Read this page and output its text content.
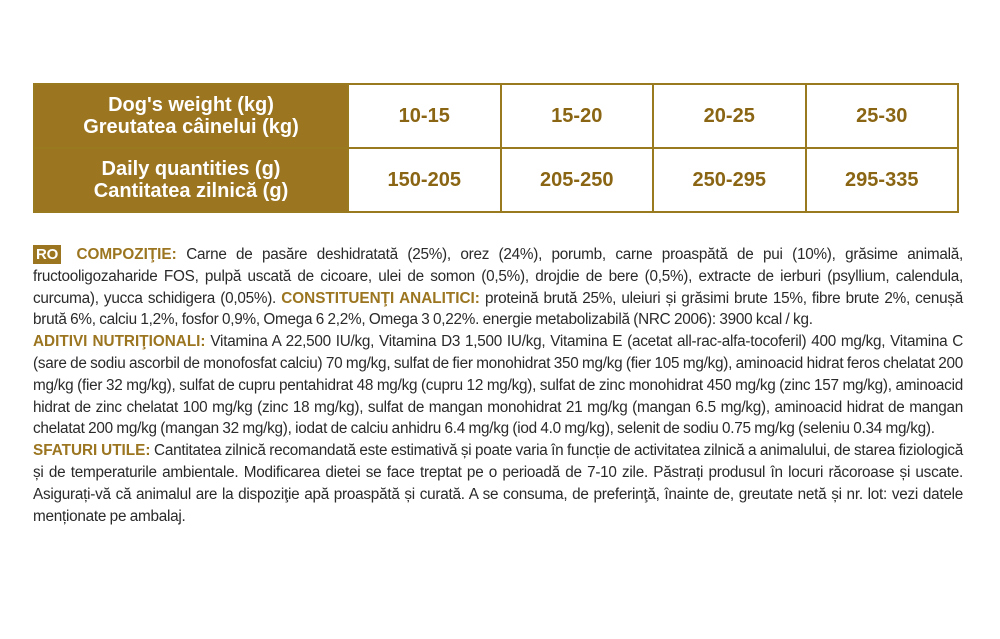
Dog's weight (kg)
Greutatea câinelui (kg)	10-15	15-20	20-25	25-30

Daily quantities (g)
Cantitatea zilnică (g)	150-205	205-250	250-295	295-335

RO COMPOZIŢIE: Carne de pasăre deshidratată (25%), orez (24%), porumb, carne proaspătă de pui (10%), grăsime animală, fructooligozaharide FOS, pulpă uscată de cicoare, ulei de somon (0,5%), drojdie de bere (0,5%), extracte de ierburi (psyllium, calendula, curcuma), yucca schidigera (0,05%). CONSTITUENŢI ANALITICI: proteină brută 25%, uleiuri și grăsimi brute 15%, fibre brute 2%, cenușă brută 6%, calciu 1,2%, fosfor 0,9%, Omega 6 2,2%, Omega 3 0,22%. energie metabolizabilă (NRC 2006): 3900 kcal / kg.

ADITIVI NUTRIŢIONALI: Vitamina A 22,500 IU/kg, Vitamina D3 1,500 IU/kg, Vitamina E (acetat all-rac-alfa-tocoferil) 400 mg/kg, Vitamina C (sare de sodiu ascorbil de monofosfat calciu) 70 mg/kg, sulfat de fier monohidrat 350 mg/kg (fier 105 mg/kg), aminoacid hidrat feros chelatat 200 mg/kg (fier 32 mg/kg), sulfat de cupru pentahidrat 48 mg/kg (cupru 12 mg/kg), sulfat de zinc monohidrat 450 mg/kg (zinc 157 mg/kg), aminoacid hidrat de zinc chelatat 100 mg/kg (zinc 18 mg/kg), sulfat de mangan monohidrat 21 mg/kg (mangan 6.5 mg/kg), aminoacid hidrat de mangan chelatat 200 mg/kg (mangan 32 mg/kg), iodat de calciu anhidru 6.4 mg/kg (iod 4.0 mg/kg), selenit de sodiu 0.75 mg/kg (seleniu 0.34 mg/kg).

SFATURI UTILE: Cantitatea zilnică recomandată este estimativă și poate varia în funcție de activitatea zilnică a animalului, de starea fiziologică și de temperaturile ambientale. Modificarea dietei se face treptat pe o perioadă de 7-10 zile. Păstrați produsul în locuri răcoroase și uscate. Asigurați-vă că animalul are la dispoziţie apă proaspătă și curată. A se consuma, de preferinţă, înainte de, greutate netă și nr. lot: vezi datele menționate pe ambalaj.
